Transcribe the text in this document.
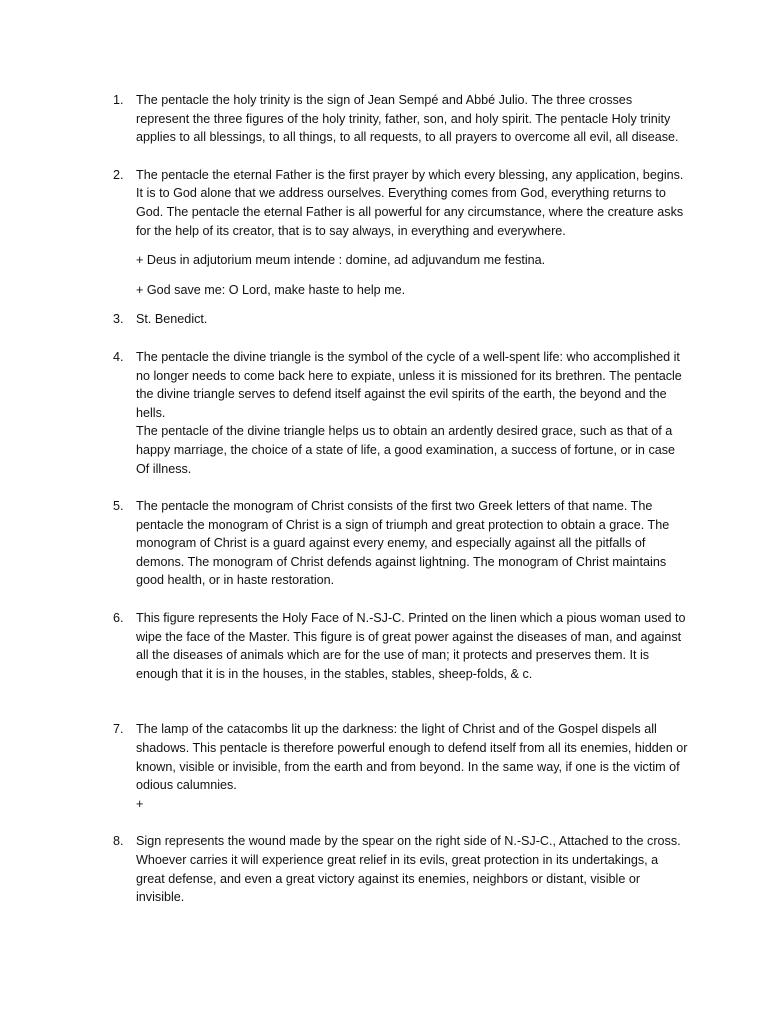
1. The pentacle the holy trinity is the sign of Jean Sempé and Abbé Julio. The three crosses represent the three figures of the holy trinity, father, son, and holy spirit. The pentacle Holy trinity applies to all blessings, to all things, to all requests, to all prayers to overcome all evil, all disease.

2. The pentacle the eternal Father is the first prayer by which every blessing, any application, begins. It is to God alone that we address ourselves. Everything comes from God, everything returns to God. The pentacle the eternal Father is all powerful for any circumstance, where the creature asks for the help of its creator, that is to say always, in everything and everywhere.

+ Deus in adjutorium meum intende : domine, ad adjuvandum me festina.

+ God save me: O Lord, make haste to help me.

3. St. Benedict.

4. The pentacle the divine triangle is the symbol of the cycle of a well-spent life: who accomplished it no longer needs to come back here to expiate, unless it is missioned for its brethren. The pentacle the divine triangle serves to defend itself against the evil spirits of the earth, the beyond and the hells.

The pentacle of the divine triangle helps us to obtain an ardently desired grace, such as that of a happy marriage, the choice of a state of life, a good examination, a success of fortune, or in case Of illness.

5. The pentacle the monogram of Christ consists of the first two Greek letters of that name. The pentacle the monogram of Christ is a sign of triumph and great protection to obtain a grace. The monogram of Christ is a guard against every enemy, and especially against all the pitfalls of demons. The monogram of Christ defends against lightning. The monogram of Christ maintains good health, or in haste restoration.

6. This figure represents the Holy Face of N.-SJ-C. Printed on the linen which a pious woman used to wipe the face of the Master. This figure is of great power against the diseases of man, and against all the diseases of animals which are for the use of man; it protects and preserves them. It is enough that it is in the houses, in the stables, stables, sheep-folds, & c.

7. The lamp of the catacombs lit up the darkness: the light of Christ and of the Gospel dispels all shadows. This pentacle is therefore powerful enough to defend itself from all its enemies, hidden or known, visible or invisible, from the earth and from beyond. In the same way, if one is the victim of odious calumnies.

+

8. Sign represents the wound made by the spear on the right side of N.-SJ-C., Attached to the cross. Whoever carries it will experience great relief in its evils, great protection in its undertakings, a great defense, and even a great victory against its enemies, neighbors or distant, visible or invisible.
